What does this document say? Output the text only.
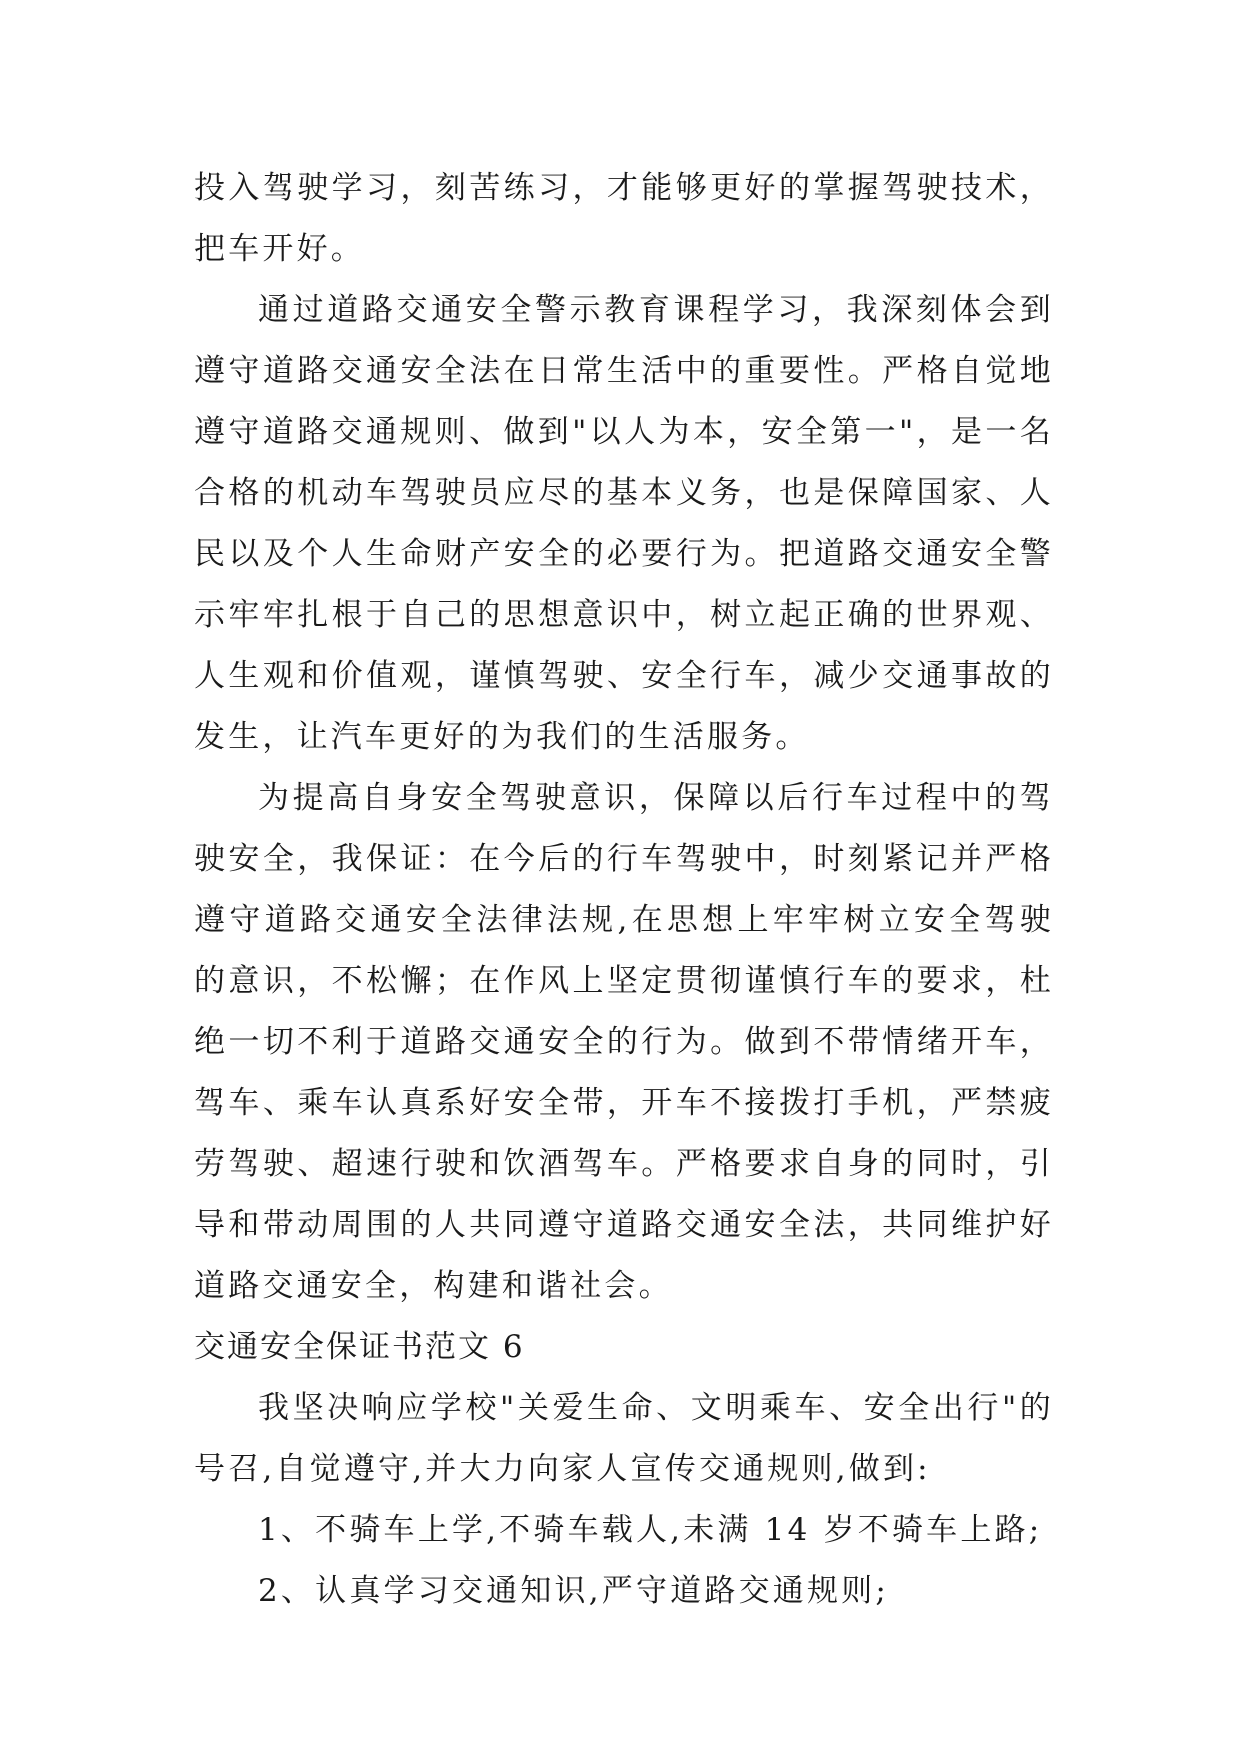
投入驾驶学习，刻苦练习，才能够更好的掌握驾驶技术，把车开好。

通过道路交通安全警示教育课程学习，我深刻体会到遵守道路交通安全法在日常生活中的重要性。严格自觉地遵守道路交通规则、做到"以人为本，安全第一"，是一名合格的机动车驾驶员应尽的基本义务，也是保障国家、人民以及个人生命财产安全的必要行为。把道路交通安全警示牢牢扎根于自己的思想意识中，树立起正确的世界观、人生观和价值观，谨慎驾驶、安全行车，减少交通事故的发生，让汽车更好的为我们的生活服务。

为提高自身安全驾驶意识，保障以后行车过程中的驾驶安全，我保证：在今后的行车驾驶中，时刻紧记并严格遵守道路交通安全法律法规,在思想上牢牢树立安全驾驶的意识，不松懈；在作风上坚定贯彻谨慎行车的要求，杜绝一切不利于道路交通安全的行为。做到不带情绪开车，驾车、乘车认真系好安全带，开车不接拨打手机，严禁疲劳驾驶、超速行驶和饮酒驾车。严格要求自身的同时，引导和带动周围的人共同遵守道路交通安全法，共同维护好道路交通安全，构建和谐社会。

交通安全保证书范文 6

我坚决响应学校"关爱生命、文明乘车、安全出行"的号召,自觉遵守,并大力向家人宣传交通规则,做到:

1、不骑车上学,不骑车载人,未满 14 岁不骑车上路;

2、认真学习交通知识,严守道路交通规则;
